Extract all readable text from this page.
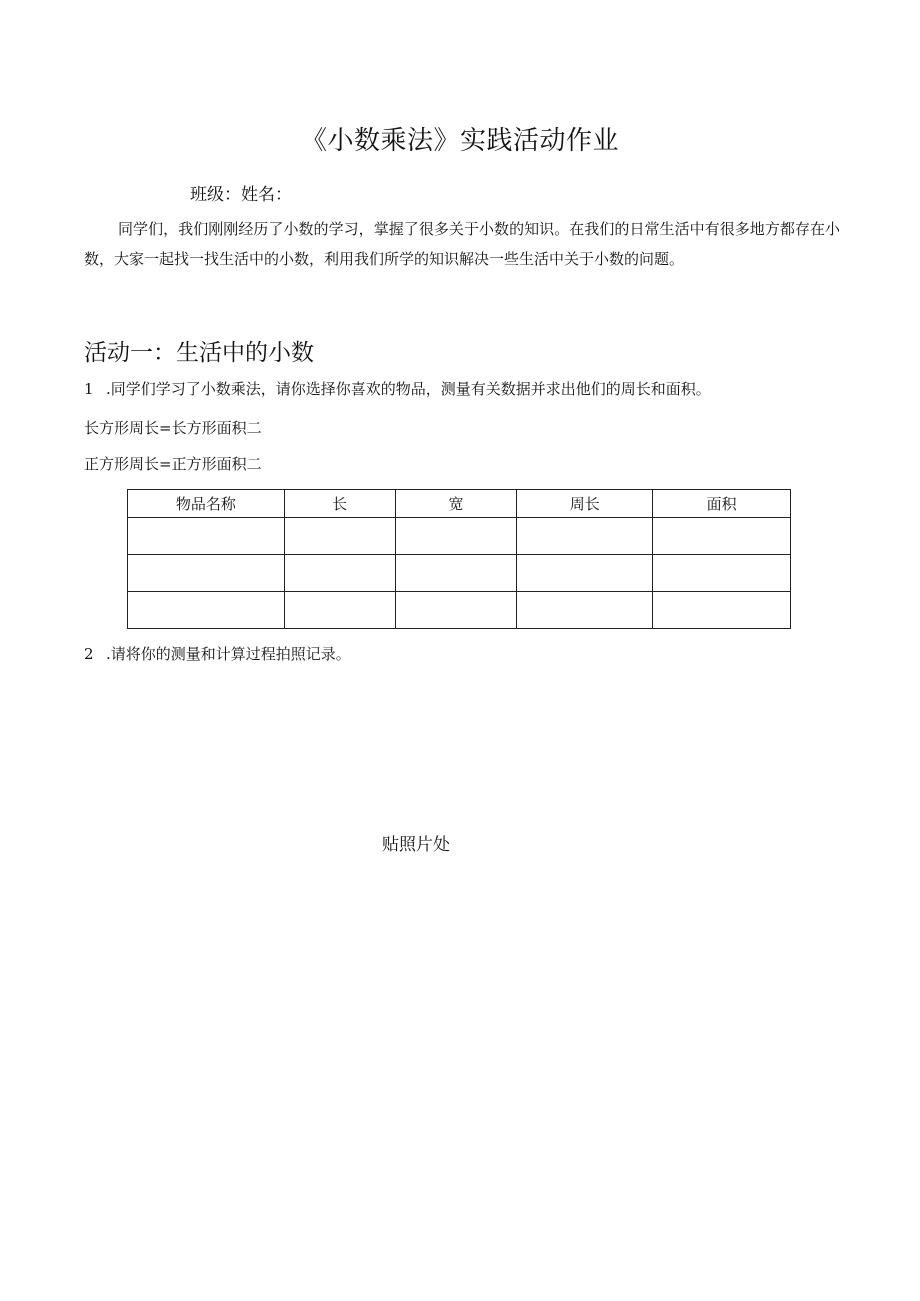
《小数乘法》实践活动作业
班级：姓名：
同学们，我们刚刚经历了小数的学习，掌握了很多关于小数的知识。在我们的日常生活中有很多地方都存在小数，大家一起找一找生活中的小数，利用我们所学的知识解决一些生活中关于小数的问题。
活动一：生活中的小数
1 .同学们学习了小数乘法，请你选择你喜欢的物品，测量有关数据并求出他们的周长和面积。
长方形周长=长方形面积二
正方形周长=正方形面积二
物品名称	长	宽	周长	面积

2 .请将你的测量和计算过程拍照记录。
贴照片处
